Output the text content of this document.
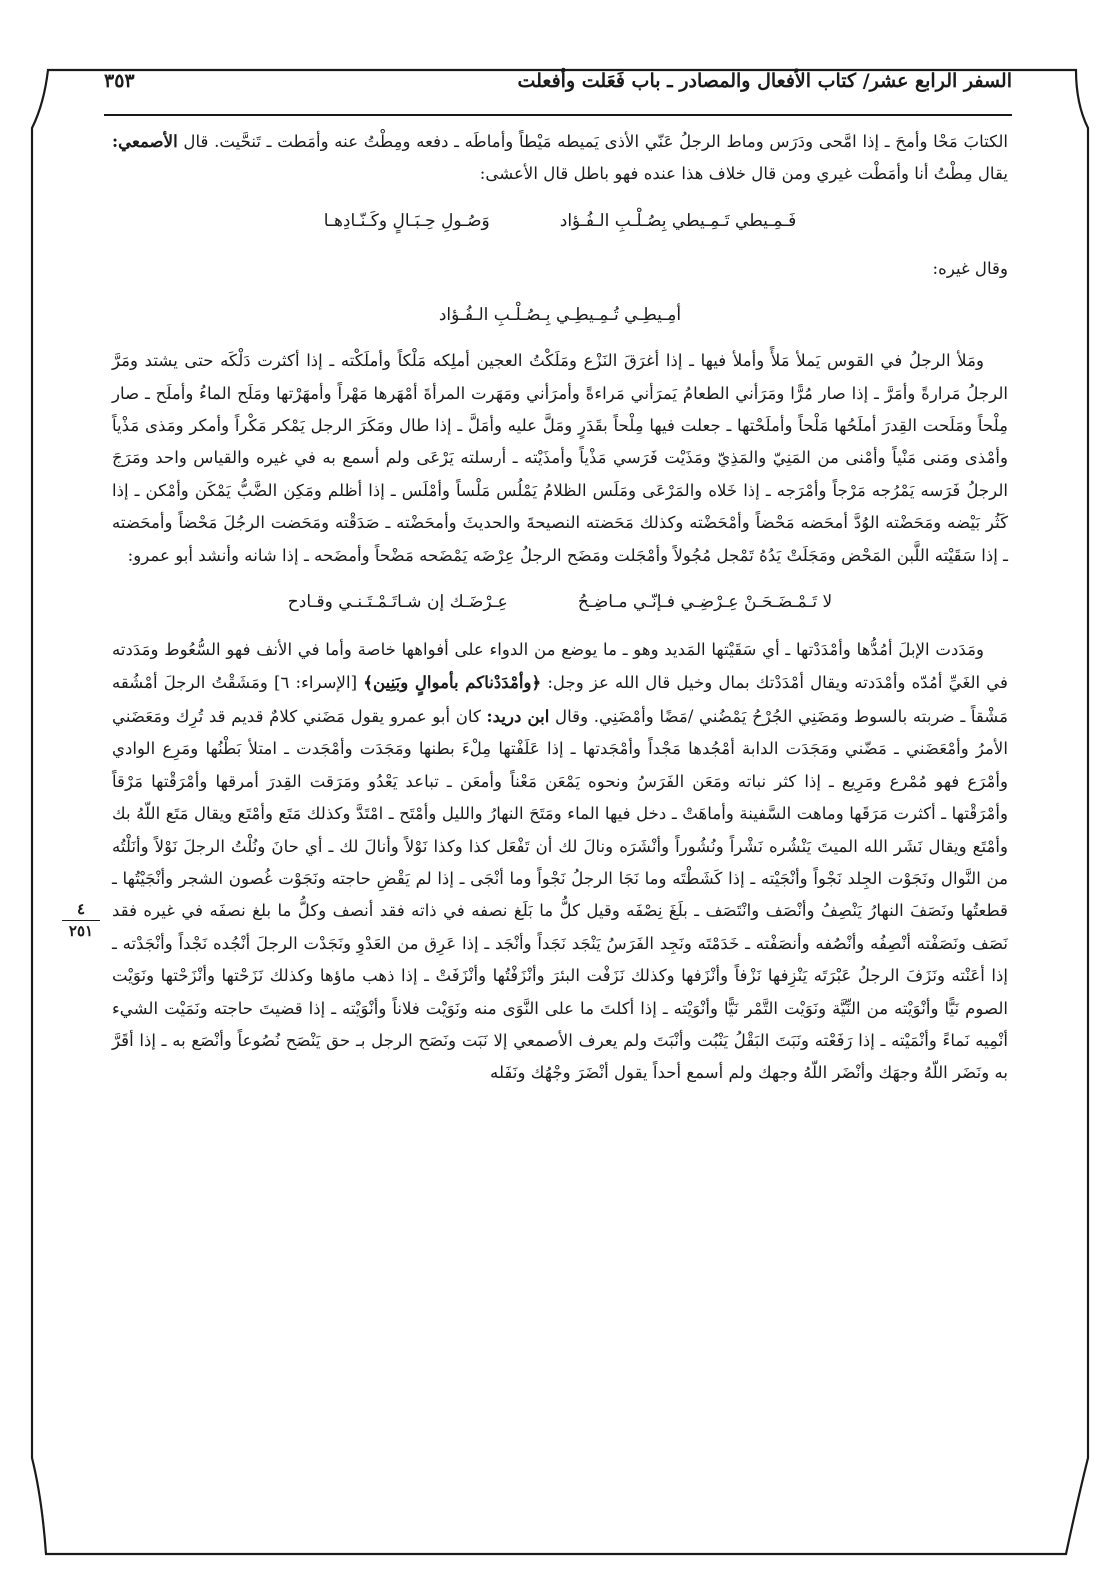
السفر الرابع عشر/ كتاب الأفعال والمصادر ـ باب فَعَلت وأفعلت
٣٥٣
٤
٢٥١

الكتابَ مَحْا وأمحَ ـ إذا امَّحى ودَرَس وماط الرجلُ عَنّي الأذى يَميطه مَيْطاً وأماطَه ـ دفعه ومِطْتُ عنه وأمَطت ـ تَنحَّيت. قال الأصمعي: يقال مِطْتُ أنا وأمَطْت غيري ومن قال خلاف هذا عنده فهو باطل قال الأعشى:

فَـمِـيطي تَـمِـيطي بِصُـلْـبِ الـفُـؤاد
وَصُـولِ حِـبَـالٍ وكَـنّـادِهـا

وقال غيره:

أمِـيطِـي تُـمِـيطِـي بِـصُـلْـبِ الـفُـؤاد

ومَلأ الرجلُ في القوس يَملأ مَلأً وأملأ فيها ـ إذا أغرَقَ النَزْع ومَلَكْتُ العجين أملِكه مَلْكاً وأملَكْته ـ إذا أكثرت دَلْكَه حتى يشتد ومَرَّ الرجلُ مَرارةً وأمَرَّ ـ إذا صار مُرًّا ومَرَأني الطعامُ يَمرَأني مَراءةً وأمرَأني ومَهَرت المرأةَ أمْهَرها مَهْراً وأمهَرْتها ومَلَح الماءُ وأملَح ـ صار مِلْحاً ومَلَحت القِدرَ أملَحُها مَلْحاً وأملَحْتها ـ جعلت فيها مِلْحاً بقَدَرٍ ومَلَّ عليه وأمَلَّ ـ إذا طال ومَكَرَ الرجل يَمْكر مَكْراً وأمكر ومَذى مَذْياً وأمْذى ومَنى مَنْياً وأمْنى من المَنِيّ والمَذِيّ ومَذَيْت فَرَسي مَذْياً وأمذَيْته ـ أرسلته يَرْعَى ولم أسمع به في غيره والقياس واحد ومَرَجَ الرجلُ فَرَسه يَمْرُجه مَرْجاً وأمْرَجه ـ إذا خَلاه والمَرْعَى ومَلَس الظلامُ يَمْلُس مَلْساً وأمْلَس ـ إذا أظلم ومَكِن الضَّبُّ يَمْكَن وأمْكن ـ إذا كَثُر بَيْضه ومَحَضْته الوُدَّ أمحَضه مَحْضاً وأمْحَضْته وكذلك مَحَضته النصيحةَ والحديثَ وأمحَضْته ـ صَدَقْته ومَحَضت الرجُلَ مَحْضاً وأمحَضته ـ إذا سَقَيْته اللَّبن المَحْض ومَجَلَتْ يَدُهُ تَمْجل مُجُولاً وأمْجَلت ومَضَح الرجلُ عِرْضَه يَمْضَحه مَضْحاً وأمضَحه ـ إذا شانه وأنشد أبو عمرو:

لا تَـمْـضَـحَـنْ عِـرْضِـي فـإنّـي مـاضِـحُ
عِـرْضَـك إن شـاتَـمْـتَـنـي وقـادح

ومَدَدت الإبلَ أمُدُّها وأمْدَدْتها ـ أي سَقَيْتها المَديد وهو ـ ما يوضع من الدواء على أفواهها خاصة وأما في الأنف فهو السُّعُوط ومَدَدته في الغَيِّ أمُدّه وأمْدَدته ويقال أمْدَدْتك بمال وخيل قال الله عز وجل: ﴿وأمْدَدْناكم بأموالٍ وبَنِين﴾ [الإسراء: ٦] ومَشَقْتُ الرجلَ أمْشُقه مَشْقاً ـ ضربته بالسوط ومَضَنِي الجُرْحُ يَمْضُني /مَضًا وأمْضَنِي. وقال ابن دريد: كان أبو عمرو يقول مَضَني كلامٌ قديم قد تُرِك ومَعَضَني الأمرُ وأمْعَضَني ـ مَضّني ومَجَدَت الدابة أمْجُدها مَجْداً وأمْجَدتها ـ إذا عَلَفْتها مِلْءَ بطنها ومَجَدَت وأمْجَدت ـ امتلأ بَطْنُها ومَرِع الوادي وأمْرَع فهو مُمْرع ومَرِيع ـ إذا كثر نباته ومَعَن الفَرَسُ ونحوه يَمْعَن مَعْناً وأمعَن ـ تباعد يَعْدُو ومَرَقت القِدرَ أمرقها وأمْرَقْتها مَرْقاً وأمْرَقْتها ـ أكثرت مَرَقَها وماهت السَّفينة وأماهَتْ ـ دخل فيها الماء ومَتَحَ النهارُ والليل وأمْتَح ـ امْتَدَّ وكذلك مَتَع وأمْتَع ويقال مَتَع اللّهُ بك وأمْتَع ويقال نَشَر الله الميتَ يَنْشُره نَشْراً ونُشُوراً وأنْشَرَه ونالَ لك أن تَفْعَل كذا وكذا نَوْلاً وأنالَ لك ـ أي حانَ ونُلْتُ الرجلَ نَوْلاً وأنَلْتُه من النَّوال ونَجَوْت الجِلد نَجْواً وأنْجَيْته ـ إذا كَشَطْتَه وما نَجَا الرجلُ نَجْواً وما أنْجَى ـ إذا لم يَقْضِ حاجته ونَجَوْت غُصون الشجر وأنْجَيْتُها ـ قطعتُها ونَصَفَ النهارُ يَنْصِفُ وأنْصَف وانْتَصَف ـ بلَغَ نِصْفَه وقيل كلُّ ما بَلَغ نصفه في ذاته فقد أنصف وكلُّ ما بلغ نصفَه في غيره فقد نَصَف ونَصَفْته أنْصِفُه وأنْصُفه وأنصَفْته ـ خَدَمْتَه ونَجِد الفَرَسُ يَنْجَد نَجَداً وأنْجَد ـ إذا عَرِق من العَدْوِ ونَجَدْت الرجلَ أنْجُده نَجْداً وأنْجَدْته ـ إذا أعَنْته ونَزَفَ الرجلُ عَبْرَتَه يَنْزِفها نَزْفاً وأنْزَفها وكذلك نَزَفْت البئرَ وأنْزَفْتُها وأنْزَفَتْ ـ إذا ذهب ماؤها وكذلك نَزَحْتها وأنْزَحْتها ونَوَيْت الصوم نَيًّا وأنْوَيْته من النِّيَّة ونَوَيْت التَّمْر نَيًّا وأنْوَيْته ـ إذا أكلتَ ما على النَّوَى منه ونَوَيْت فلاناً وأنْوَيْته ـ إذا قضيتَ حاجته ونَمَيْت الشيء أنْمِيه نَماءً وأنْمَيْته ـ إذا رَفَعْته ونَبَتَ البَقْلُ يَنْبُت وأنْبَتَ ولم يعرف الأصمعي إلا نَبَت ونَصَح الرجل بـ حق يَنْصَح نُصُوعاً وأنْصَع به ـ إذا أقَرَّ به ونَضَر اللّهُ وجهَك وأنْضَر اللّهُ وجهك ولم أسمع أحداً يقول أنْضَرَ وجْهُك ونَفَله
